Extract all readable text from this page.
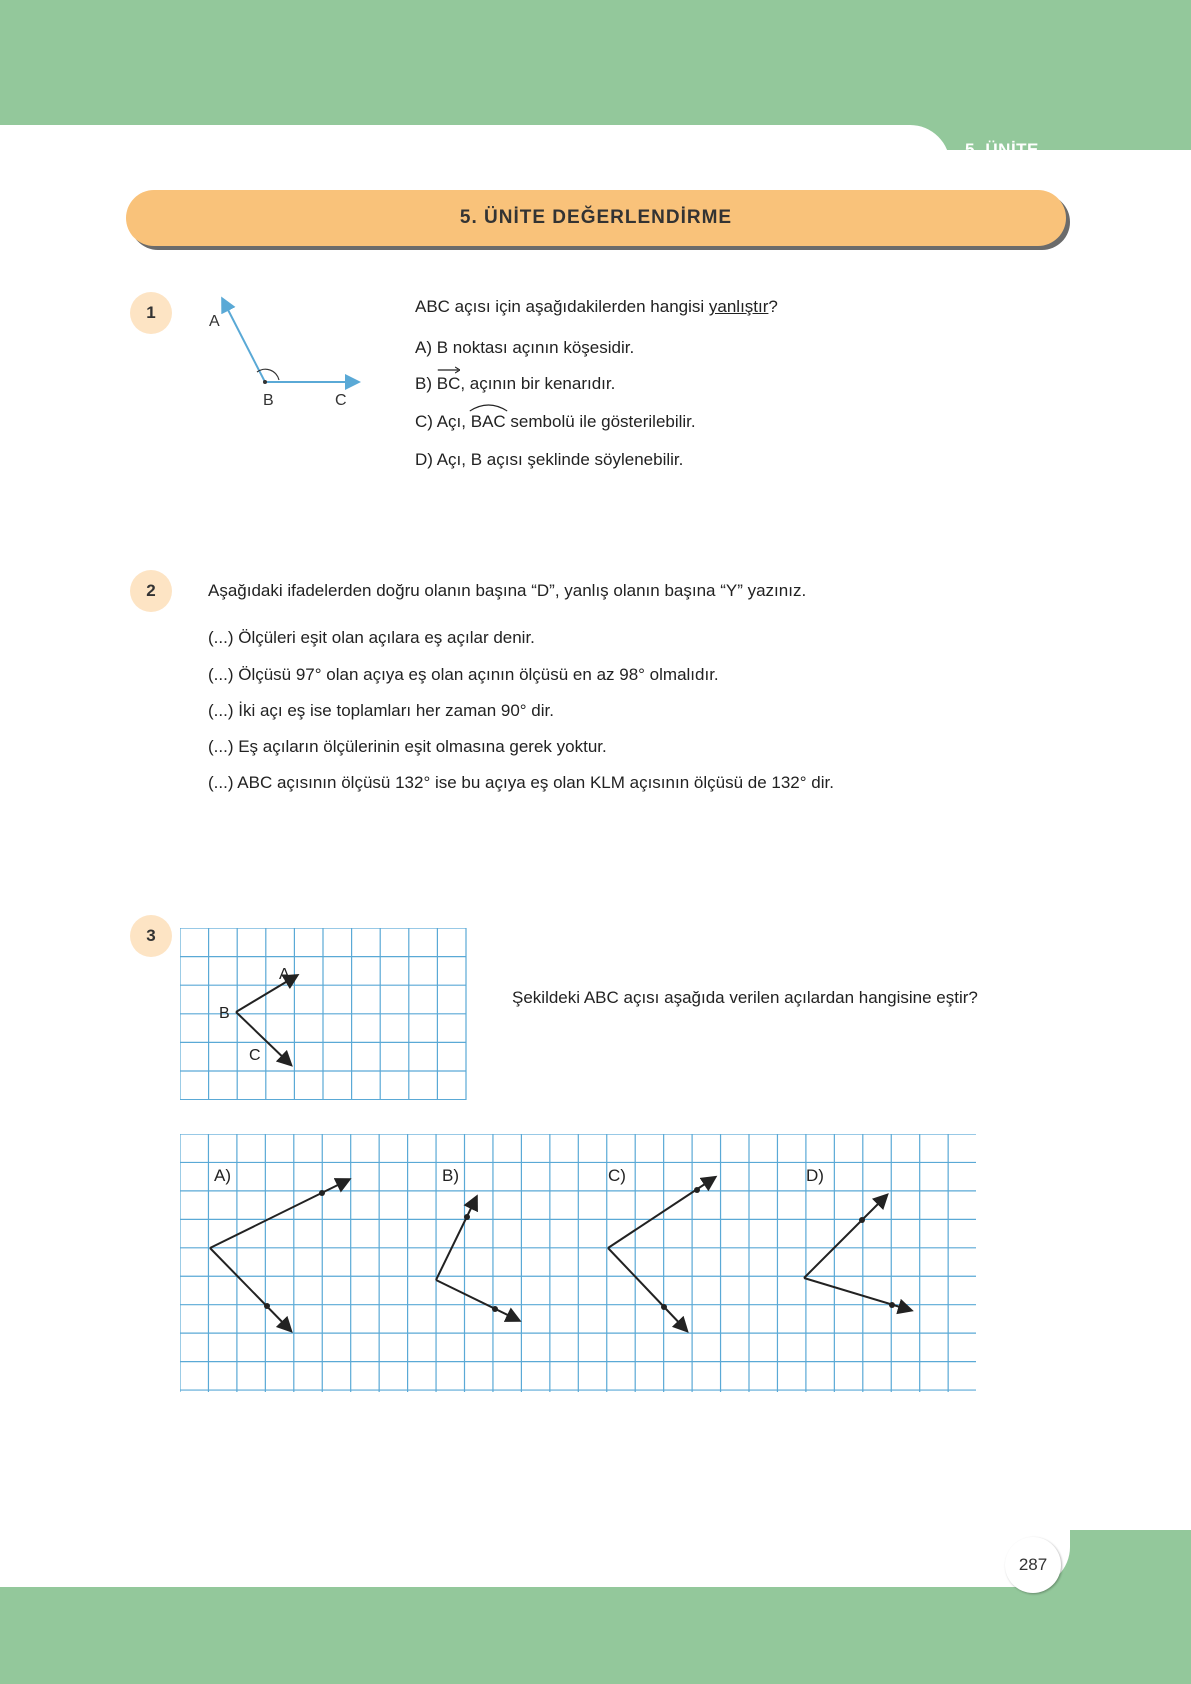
5. ÜNİTE
5. ÜNİTE DEĞERLENDİRME
1	A
B	C
ABC açısı için aşağıdakilerden hangisi yanlıştır?
A) B noktası açının köşesidir.
B)
BC, açının bir kenarıdır.
C) Açı,
BAC sembolü ile gösterilebilir.
D) Açı, B açısı şeklinde söylenebilir.
2	Aşağıdaki ifadelerden doğru olanın başına “D”, yanlış olanın başına “Y” yazınız.
(...) Ölçüleri eşit olan açılara eş açılar denir.
(...) Ölçüsü 97° olan açıya eş olan açının ölçüsü en az 98° olmalıdır.
(...) İki açı eş ise toplamları her zaman 90° dir.
(...) Eş açıların ölçülerinin eşit olmasına gerek yoktur.
(...) ABC açısının ölçüsü 132° ise bu açıya eş olan KLM açısının ölçüsü de 132° dir.
3
A
B
C
Şekildeki ABC açısı aşağıda verilen açılardan hangisine eştir?
A)	B)	C)	D)
287
